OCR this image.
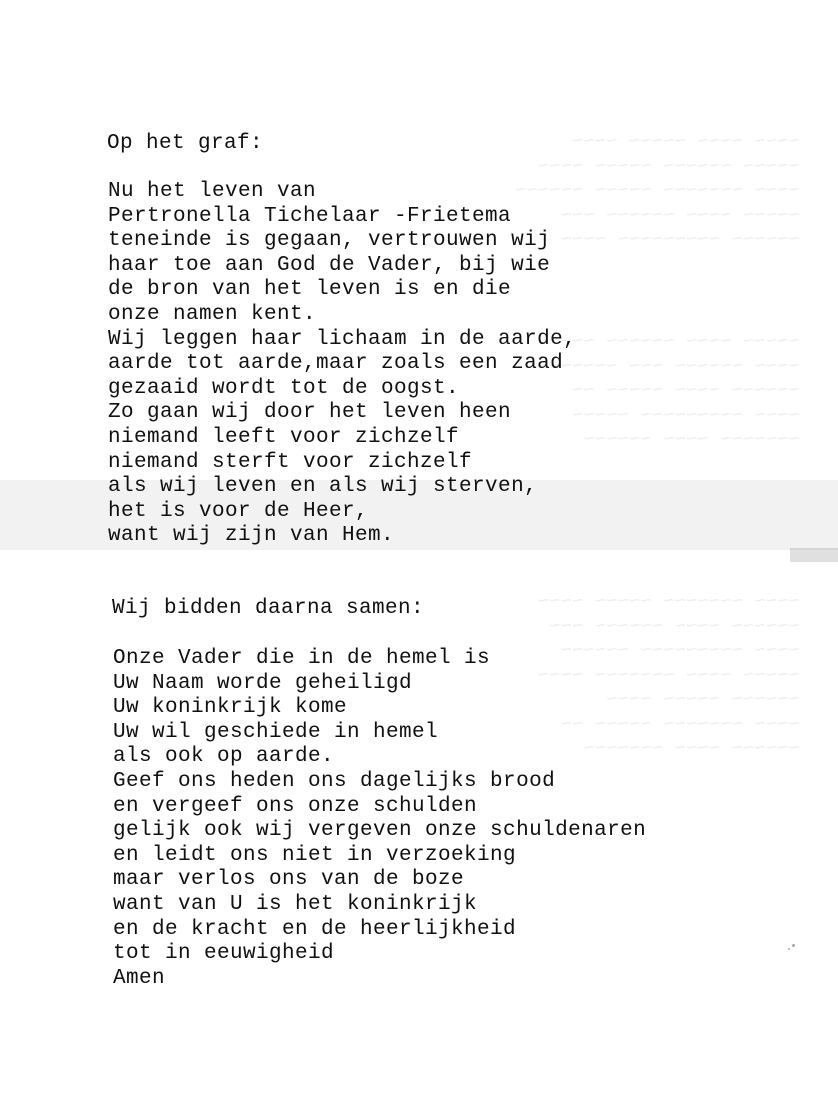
~~~~ ~~~~ ~~~~~ ~~~~
~~~~~ ~~~~~~ ~~~~~ ~~~~
~~~~ ~~~~~~~ ~~~~~ ~~~~~~
~~~~~ ~~~~ ~~~~~~ ~~~
~~~~~~ ~~~~~~~~~ ~~~~
~~~~~ ~~~~ ~~~~~~ ~~~~
~~~~ ~~~~~~ ~~~ ~~~~~~~
~~~~~~ ~~~~ ~~~~~ ~~
~~~~ ~~~~~~~~~ ~~~~~
~~~~~~~ ~~~~ ~~~~~~
~~~~ ~~~~~~~ ~~~~~ ~~~~
~~~~~~ ~~~~ ~~~~~~ ~~~
~~~~ ~~~~~~~~~ ~~~~~~
~~~~~ ~~~~ ~~~~~~~ ~~~~
~~~~~~ ~~~~~ ~~~~
~~~~ ~~~~~~~ ~~~~~ ~~
~~~~~~ ~~~~ ~~~~~~~
Op het graf:
Nu het leven van
Pertronella Tichelaar -Frietema
teneinde is gegaan, vertrouwen wij
haar toe aan God de Vader, bij wie
de bron van het leven is en die
onze namen kent.
Wij leggen haar lichaam in de aarde,
aarde tot aarde,maar zoals een zaad
gezaaid wordt tot de oogst.
Zo gaan wij door het leven heen
niemand leeft voor zichzelf
niemand sterft voor zichzelf
als wij leven en als wij sterven,
het is voor de Heer,
want wij zijn van Hem.
Wij bidden daarna samen:
Onze Vader die in de hemel is
Uw Naam worde geheiligd
Uw koninkrijk kome
Uw wil geschiede in hemel
als ook op aarde.
Geef ons heden ons dagelijks brood
en vergeef ons onze schulden
gelijk ook wij vergeven onze schuldenaren
en leidt ons niet in verzoeking
maar verlos ons van de boze
want van U is het koninkrijk
en de kracht en de heerlijkheid
tot in eeuwigheid
Amen
